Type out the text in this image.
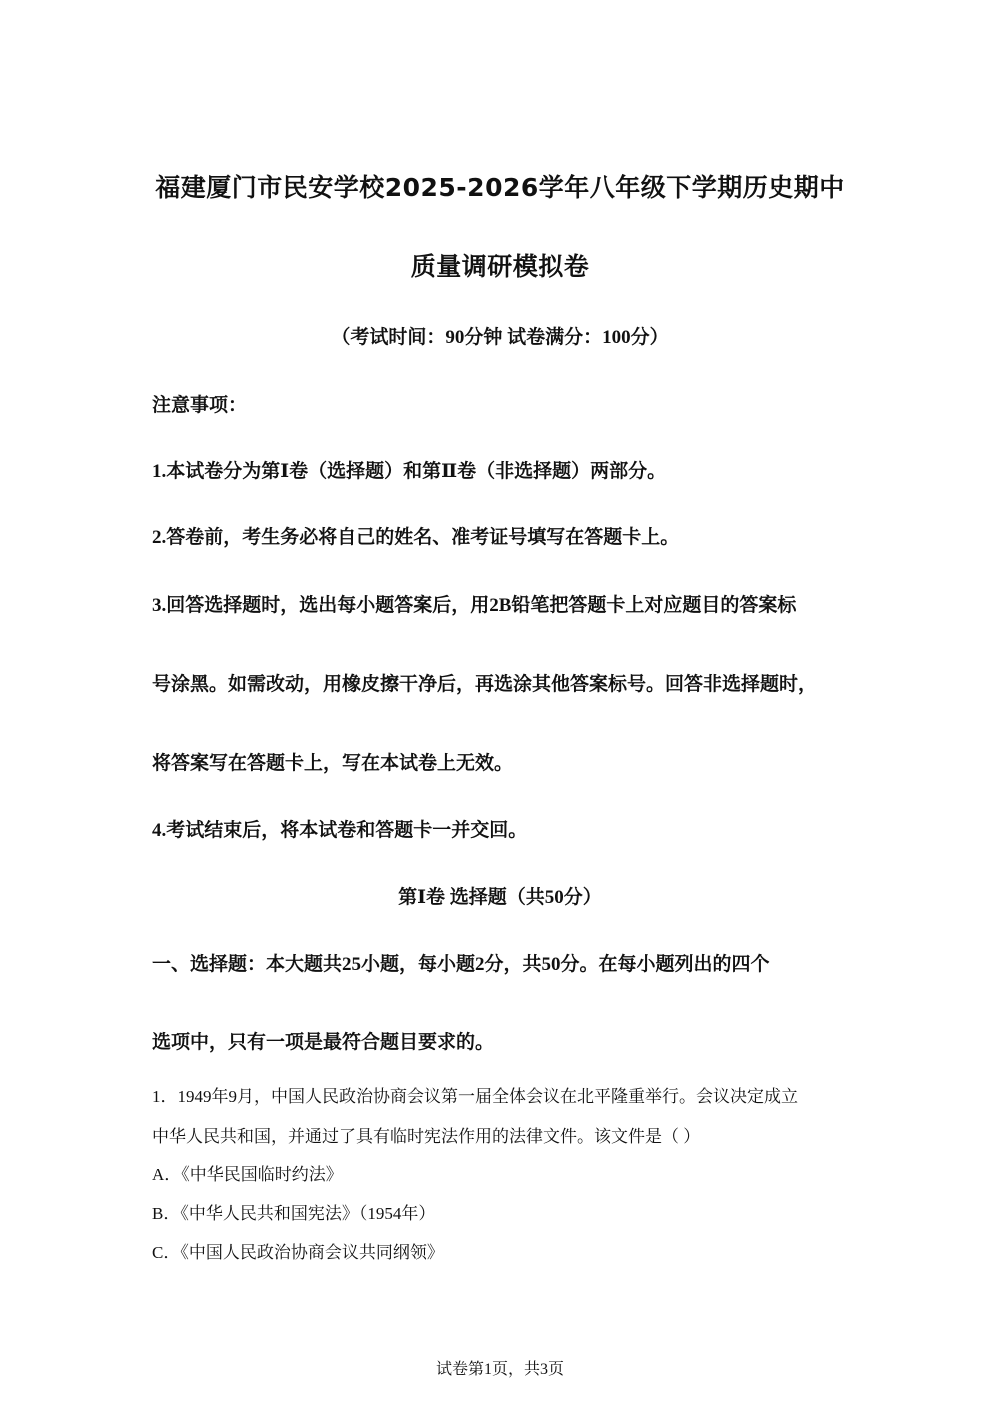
福建厦门市民安学校2025-2026学年八年级下学期历史期中
质量调研模拟卷
（考试时间：90分钟 试卷满分：100分）
注意事项：
1.本试卷分为第Ⅰ卷（选择题）和第Ⅱ卷（非选择题）两部分。
2.答卷前，考生务必将自己的姓名、准考证号填写在答题卡上。
3.回答选择题时，选出每小题答案后，用2B铅笔把答题卡上对应题目的答案标
号涂黑。如需改动，用橡皮擦干净后，再选涂其他答案标号。回答非选择题时，
将答案写在答题卡上，写在本试卷上无效。
4.考试结束后，将本试卷和答题卡一并交回。
第Ⅰ卷 选择题（共50分）
一、选择题：本大题共25小题，每小题2分，共50分。在每小题列出的四个
选项中，只有一项是最符合题目要求的。
1．1949年9月，中国人民政治协商会议第一届全体会议在北平隆重举行。会议决定成立
中华人民共和国，并通过了具有临时宪法作用的法律文件。该文件是（ ）
A．《中华民国临时约法》
B．《中华人民共和国宪法》（1954年）
C．《中国人民政治协商会议共同纲领》
试卷第1页，共3页
